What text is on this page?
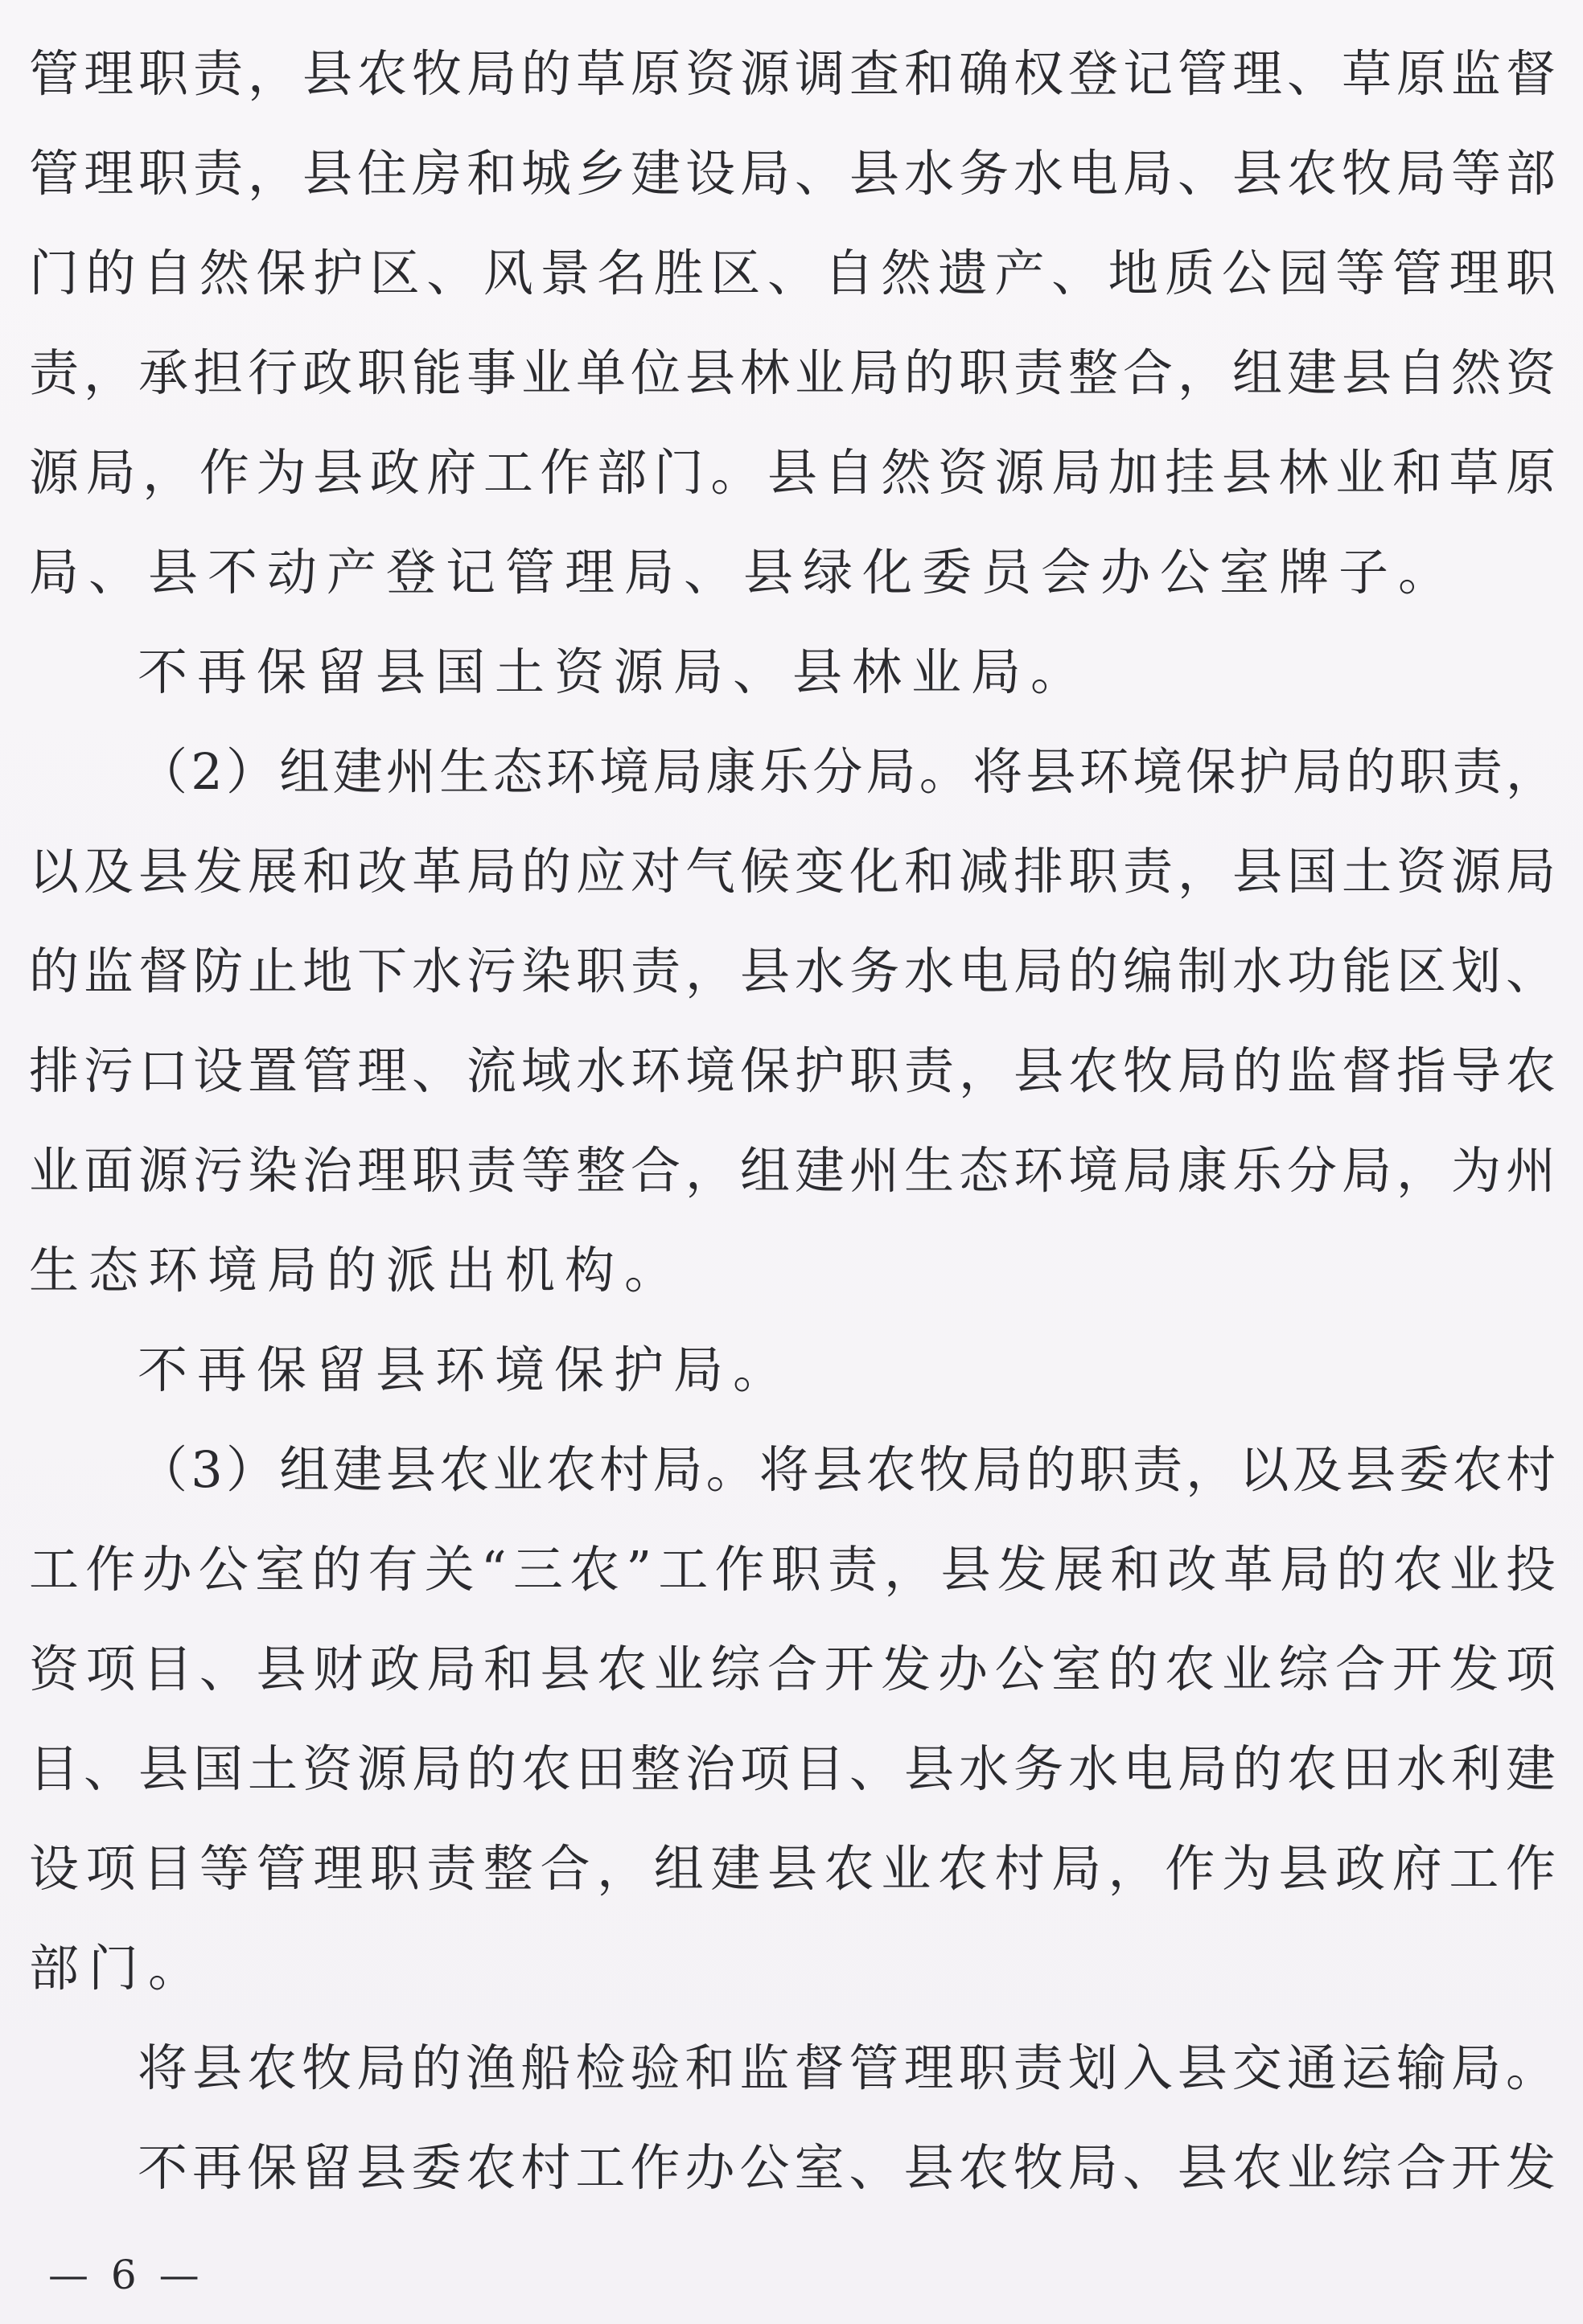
管理职责，县农牧局的草原资源调查和确权登记管理、草原监督
管理职责，县住房和城乡建设局、县水务水电局、县农牧局等部
门的自然保护区、风景名胜区、自然遗产、地质公园等管理职
责，承担行政职能事业单位县林业局的职责整合，组建县自然资
源局，作为县政府工作部门。县自然资源局加挂县林业和草原
局、县不动产登记管理局、县绿化委员会办公室牌子。
不再保留县国土资源局、县林业局。
（2）组建州生态环境局康乐分局。将县环境保护局的职责，
以及县发展和改革局的应对气候变化和减排职责，县国土资源局
的监督防止地下水污染职责，县水务水电局的编制水功能区划、
排污口设置管理、流域水环境保护职责，县农牧局的监督指导农
业面源污染治理职责等整合，组建州生态环境局康乐分局，为州
生态环境局的派出机构。
不再保留县环境保护局。
（3）组建县农业农村局。将县农牧局的职责，以及县委农村
工作办公室的有关“三农”工作职责，县发展和改革局的农业投
资项目、县财政局和县农业综合开发办公室的农业综合开发项
目、县国土资源局的农田整治项目、县水务水电局的农田水利建
设项目等管理职责整合，组建县农业农村局，作为县政府工作
部门。
将县农牧局的渔船检验和监督管理职责划入县交通运输局。
不再保留县委农村工作办公室、县农牧局、县农业综合开发
— 6 —
